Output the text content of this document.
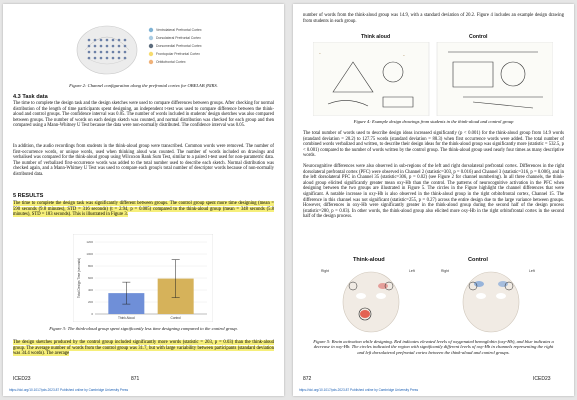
Ventrolateral Prefrontal Cortex
Dorsolateral Prefrontal Cortex
Dorsomedial Prefrontal Cortex
Frontopolar Prefrontal Cortex
Orbitofrontal Cortex
Figure 2: Channel configuration along the prefrontal cortex for OBELAB fNIRS.
4.3 Task data
The time to complete the design task and the design sketches were used to compare differences between groups. After checking for normal distribution of the length of time participants spent designing, an independent t-test was used to compare difference between the think-aloud and control groups. The confidence interval was 0.05. The number of words included in students' design sketches was also compared between groups. The number of words on each design sketch was counted, and normal distribution was checked for each group and then compared using a Mann-Whitney U Test because the data were non-normally distributed. The confidence interval was 0.05.
In addition, the audio recordings from students in the think-aloud group were transcribed. Common words were removed. The number of first-occurrence words, or unique words, used when thinking aloud was counted. The number of words included on drawings and verbalised was compared for the think-aloud group using Wilcoxon Rank Sum Test, similar to a paired t-test used for non-parametric data. The number of verbalized first-occurrence words was added to the total number used to describe each sketch. Normal distribution was checked again, and a Mann-Whitney U Test was used to compare each group's total number of descriptor words because of non-normally distributed data.
5 RESULTS
The time to complete the design task was significantly different between groups. The control group spent more time designing (mean = 590 seconds (9.8 minutes), STD = 316 seconds) (t = 2.94, p = 0.005) compared to the think-aloud group (mean = 348 seconds (5.8 minutes), STD = 183 seconds). This is illustrated in Figure 3.
Total Design Time (seconds)
0
200
400
600
800
1000
1200
Think Aloud	Control
Figure 3: The think-aloud group spent significantly less time designing compared to the control group.
The design sketches produced by the control group included significantly more words (statistic = 203, p = 0.03) than the think-aloud group. The average number of words from the control group was 31.7, but with large variability between participants (standard deviation was 34.4 words). The average
ICED23	871
https://doi.org/10.1017/pds.2023.87 Published online by Cambridge University Press
number of words from the think-aloud group was 14.9, with a standard deviation of 20.2. Figure 4 includes an example design drawing from students in each group.
Think aloud	Control
~	~
Figure 4: Example design drawings from students in the think-aloud and control group
The total number of words used to describe design ideas increased significantly (p < 0.001) for the think-aloud group from 14.9 words (standard deviation = 20.2) to 127.75 words (standard deviation = 88.3) when first occurrence words were added. The total number of combined words verbalized and written, to describe their design ideas for the think-aloud group was significantly more (statistic = 532.5, p < 0.001) compared to the number of words written by the control group. The think-aloud group used nearly four times as many descriptive words.
Neurocognitive differences were also observed in sub-regions of the left and right dorsolateral prefrontal cortex. Differences in the right dorsolateral prefrontal cortex (PFC) were observed in Channel 2 (statistic=303, p = 0.016) and Channel 3 (statistic=316, p = 0.006), and in the left dorsolateral PFC in Channel 35 (statistic=306, p = 0.02) (see Figure 2 for channel numbering). In all three channels, the think-aloud group elicited significantly greater mean oxy-Hb than the control. The patterns of neurocognitive activation in the PFC when designing between the two groups are illustrated in Figure 5. The circles in the Figure highlight the channel differences that were significant. A notable increase in oxy-Hb is also observed in the think-aloud group in the right orbitofrontal cortex, Channel 15. The difference in this channel was not significant (statistic=255, p = 0.27) across the entire design due to the large variance between groups. However, differences in oxy-Hb were significantly greater in the think-aloud group during the second half of the design process (statistic=280, p = 0.03). In other words, the think-aloud group also elicited more oxy-Hb in the right orbitofrontal cortex in the second half of the design process.
Think-aloud	Control
Right	Left	Right	Left
Figure 5: Brain activation while designing. Red indicates elevated levels of oxygenated hemoglobin (oxy-Hb), and blue indicates a decrease in oxy-Hb. The circles indicated the region with significantly different levels of oxy-Hb in channels representing the right and left dorsolateral prefrontal cortex between the think-aloud and control groups.
872	ICED23
https://doi.org/10.1017/pds.2023.87 Published online by Cambridge University Press
